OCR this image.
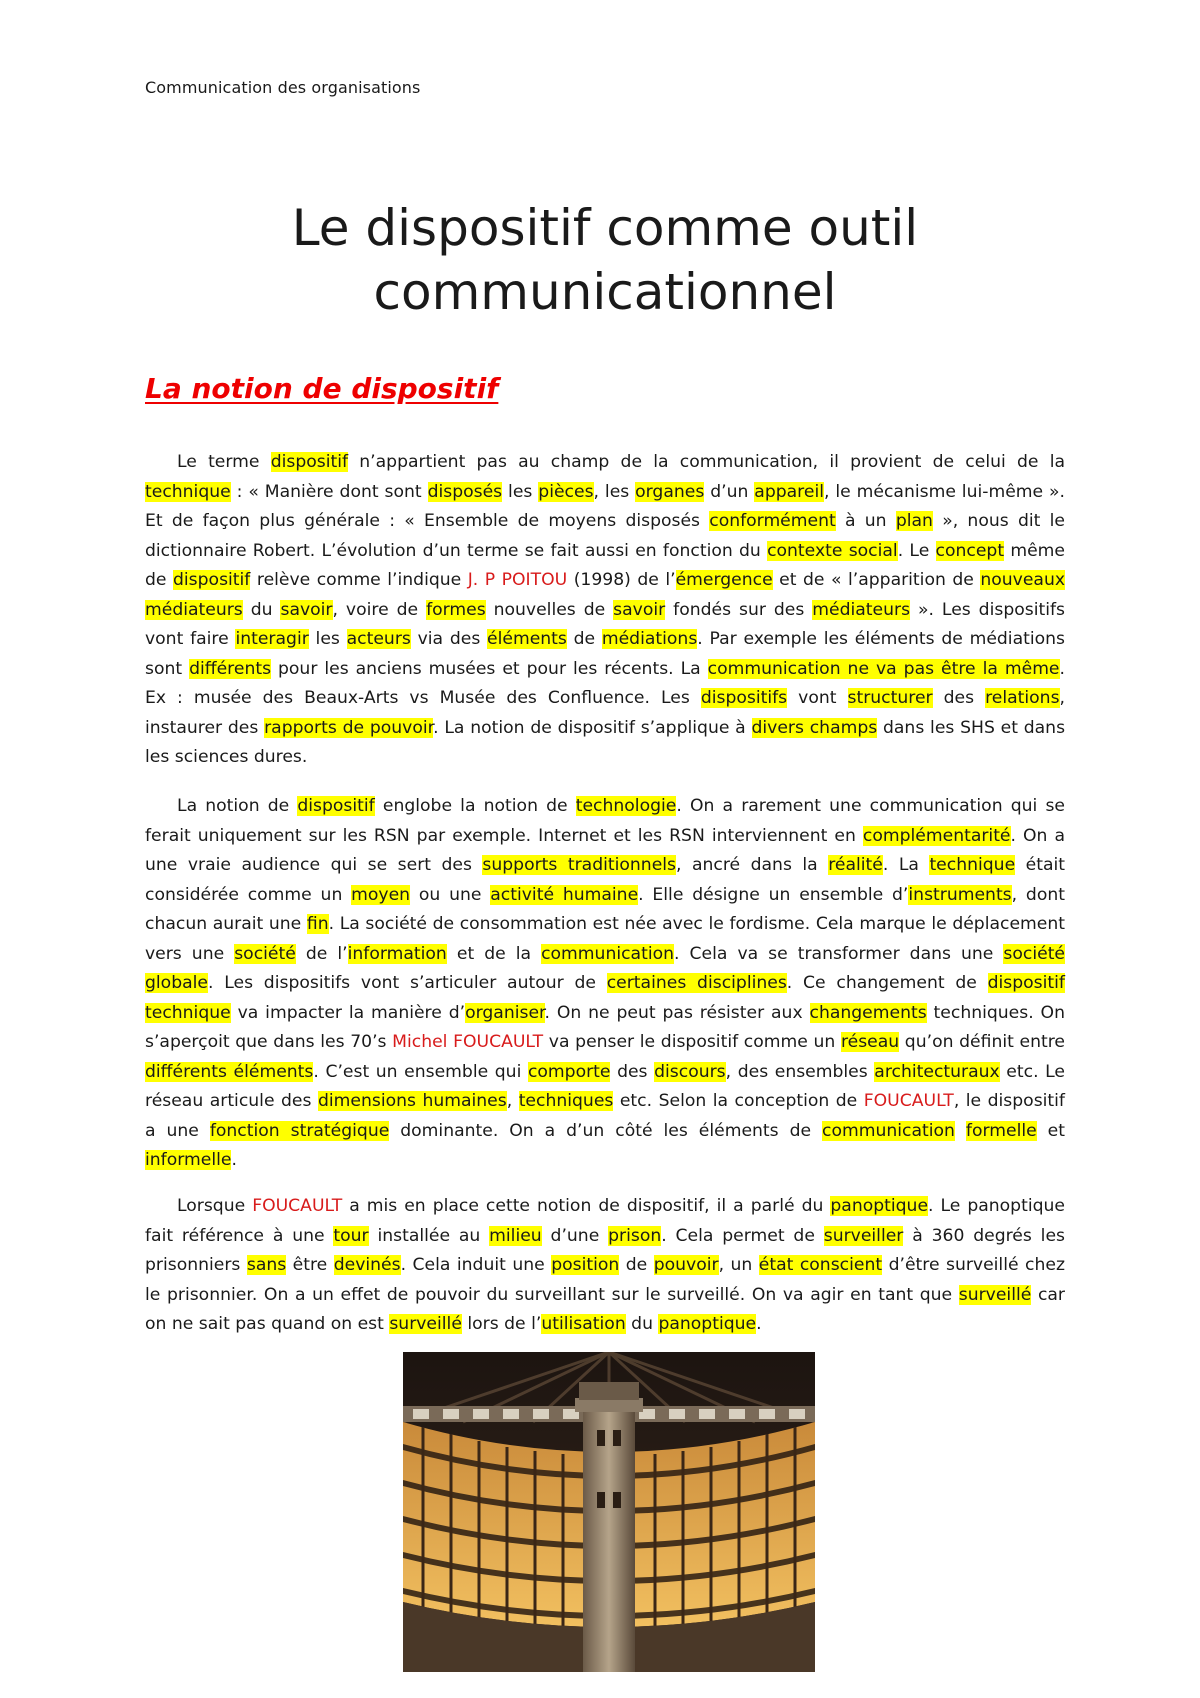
Communication des organisations
Le dispositif comme outil
communicationnel
La notion de dispositif

Le terme dispositif n’appartient pas au champ de la communication, il provient de celui de la technique : « Manière dont sont disposés les pièces, les organes d’un appareil, le mécanisme lui-même ». Et de façon plus générale : « Ensemble de moyens disposés conformément à un plan », nous dit le dictionnaire Robert. L’évolution d’un terme se fait aussi en fonction du contexte social. Le concept même de dispositif relève comme l’indique J. P POITOU (1998) de l’émergence et de « l’apparition de nouveaux médiateurs du savoir, voire de formes nouvelles de savoir fondés sur des médiateurs ». Les dispositifs vont faire interagir les acteurs via des éléments de médiations. Par exemple les éléments de médiations sont différents pour les anciens musées et pour les récents. La communication ne va pas être la même. Ex : musée des Beaux-Arts vs Musée des Confluence. Les dispositifs vont structurer des relations, instaurer des rapports de pouvoir. La notion de dispositif s’applique à divers champs dans les SHS et dans les sciences dures.

La notion de dispositif englobe la notion de technologie. On a rarement une communication qui se ferait uniquement sur les RSN par exemple. Internet et les RSN interviennent en complémentarité. On a une vraie audience qui se sert des supports traditionnels, ancré dans la réalité. La technique était considérée comme un moyen ou une activité humaine. Elle désigne un ensemble d’instruments, dont chacun aurait une fin. La société de consommation est née avec le fordisme. Cela marque le déplacement vers une société de l’information et de la communication. Cela va se transformer dans une société globale. Les dispositifs vont s’articuler autour de certaines disciplines. Ce changement de dispositif technique va impacter la manière d’organiser. On ne peut pas résister aux changements techniques. On s’aperçoit que dans les 70’s Michel FOUCAULT va penser le dispositif comme un réseau qu’on définit entre différents éléments. C’est un ensemble qui comporte des discours, des ensembles architecturaux etc. Le réseau articule des dimensions humaines, techniques etc. Selon la conception de FOUCAULT, le dispositif a une fonction stratégique dominante. On a d’un côté les éléments de communication formelle et informelle.

Lorsque FOUCAULT a mis en place cette notion de dispositif, il a parlé du panoptique. Le panoptique fait référence à une tour installée au milieu d’une prison. Cela permet de surveiller à 360 degrés les prisonniers sans être devinés. Cela induit une position de pouvoir, un état conscient d’être surveillé chez le prisonnier. On a un effet de pouvoir du surveillant sur le surveillé. On va agir en tant que surveillé car on ne sait pas quand on est surveillé lors de l’utilisation du panoptique.
